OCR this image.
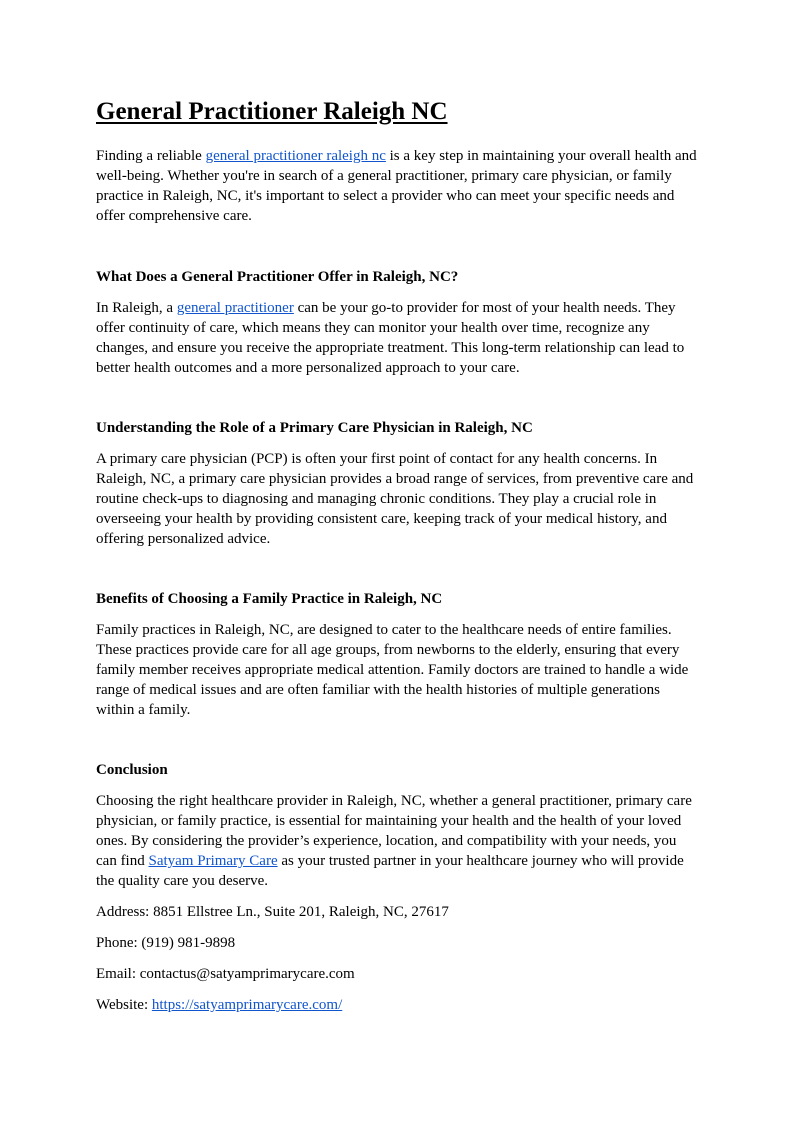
General Practitioner Raleigh NC

Finding a reliable general practitioner raleigh nc is a key step in maintaining your overall health and well-being. Whether you're in search of a general practitioner, primary care physician, or family practice in Raleigh, NC, it's important to select a provider who can meet your specific needs and offer comprehensive care.

What Does a General Practitioner Offer in Raleigh, NC?

In Raleigh, a general practitioner can be your go-to provider for most of your health needs. They offer continuity of care, which means they can monitor your health over time, recognize any changes, and ensure you receive the appropriate treatment. This long-term relationship can lead to better health outcomes and a more personalized approach to your care.

Understanding the Role of a Primary Care Physician in Raleigh, NC

A primary care physician (PCP) is often your first point of contact for any health concerns. In Raleigh, NC, a primary care physician provides a broad range of services, from preventive care and routine check-ups to diagnosing and managing chronic conditions. They play a crucial role in overseeing your health by providing consistent care, keeping track of your medical history, and offering personalized advice.

Benefits of Choosing a Family Practice in Raleigh, NC

Family practices in Raleigh, NC, are designed to cater to the healthcare needs of entire families. These practices provide care for all age groups, from newborns to the elderly, ensuring that every family member receives appropriate medical attention. Family doctors are trained to handle a wide range of medical issues and are often familiar with the health histories of multiple generations within a family.

Conclusion

Choosing the right healthcare provider in Raleigh, NC, whether a general practitioner, primary care physician, or family practice, is essential for maintaining your health and the health of your loved ones. By considering the provider’s experience, location, and compatibility with your needs, you can find Satyam Primary Care as your trusted partner in your healthcare journey who will provide the quality care you deserve.

Address: 8851 Ellstree Ln., Suite 201, Raleigh, NC, 27617

Phone: (919) 981-9898

Email: contactus@satyamprimarycare.com

Website: https://satyamprimarycare.com/
